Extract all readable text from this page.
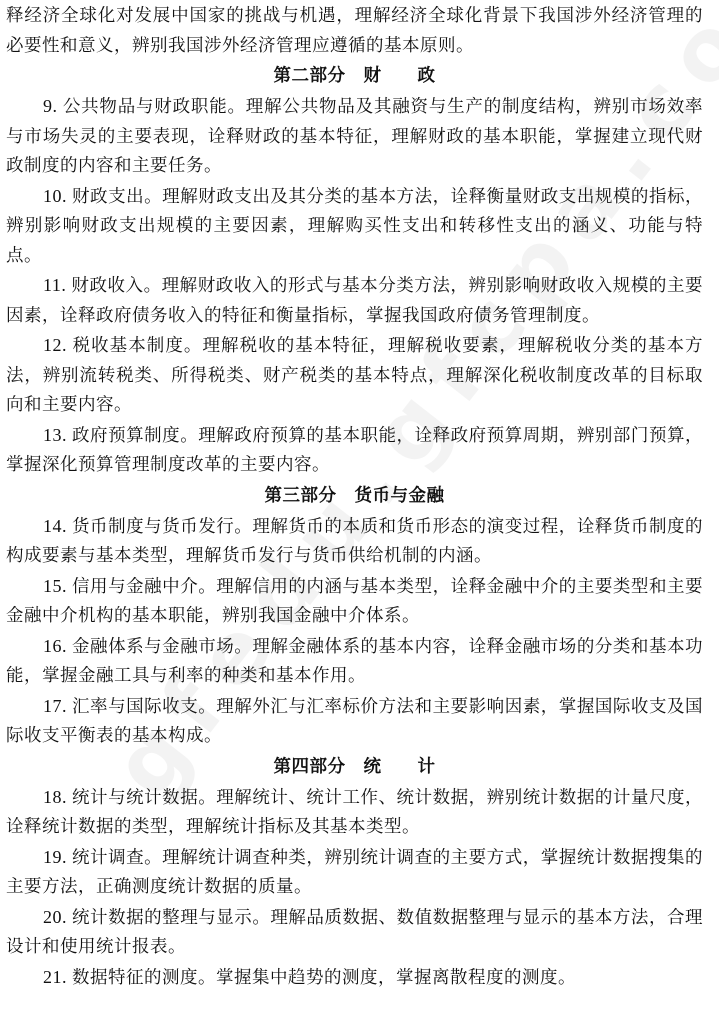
释经济全球化对发展中国家的挑战与机遇，理解经济全球化背景下我国涉外经济管理的必要性和意义，辨别我国涉外经济管理应遵循的基本原则。

第二部分　财　　政

9. 公共物品与财政职能。理解公共物品及其融资与生产的制度结构，辨别市场效率与市场失灵的主要表现，诠释财政的基本特征，理解财政的基本职能，掌握建立现代财政制度的内容和主要任务。

10. 财政支出。理解财政支出及其分类的基本方法，诠释衡量财政支出规模的指标，辨别影响财政支出规模的主要因素，理解购买性支出和转移性支出的涵义、功能与特点。

11. 财政收入。理解财政收入的形式与基本分类方法，辨别影响财政收入规模的主要因素，诠释政府债务收入的特征和衡量指标，掌握我国政府债务管理制度。

12. 税收基本制度。理解税收的基本特征，理解税收要素，理解税收分类的基本方法，辨别流转税类、所得税类、财产税类的基本特点，理解深化税收制度改革的目标取向和主要内容。

13. 政府预算制度。理解政府预算的基本职能，诠释政府预算周期，辨别部门预算，掌握深化预算管理制度改革的主要内容。

第三部分　货币与金融

14. 货币制度与货币发行。理解货币的本质和货币形态的演变过程，诠释货币制度的构成要素与基本类型，理解货币发行与货币供给机制的内涵。

15. 信用与金融中介。理解信用的内涵与基本类型，诠释金融中介的主要类型和主要金融中介机构的基本职能，辨别我国金融中介体系。

16. 金融体系与金融市场。理解金融体系的基本内容，诠释金融市场的分类和基本功能，掌握金融工具与利率的种类和基本作用。

17. 汇率与国际收支。理解外汇与汇率标价方法和主要影响因素，掌握国际收支及国际收支平衡表的基本构成。

第四部分　统　　计

18. 统计与统计数据。理解统计、统计工作、统计数据，辨别统计数据的计量尺度，诠释统计数据的类型，理解统计指标及其基本类型。

19. 统计调查。理解统计调查种类，辨别统计调查的主要方式，掌握统计数据搜集的主要方法，正确测度统计数据的质量。

20. 统计数据的整理与显示。理解品质数据、数值数据整理与显示的基本方法，合理设计和使用统计报表。

21. 数据特征的测度。掌握集中趋势的测度，掌握离散程度的测度。
